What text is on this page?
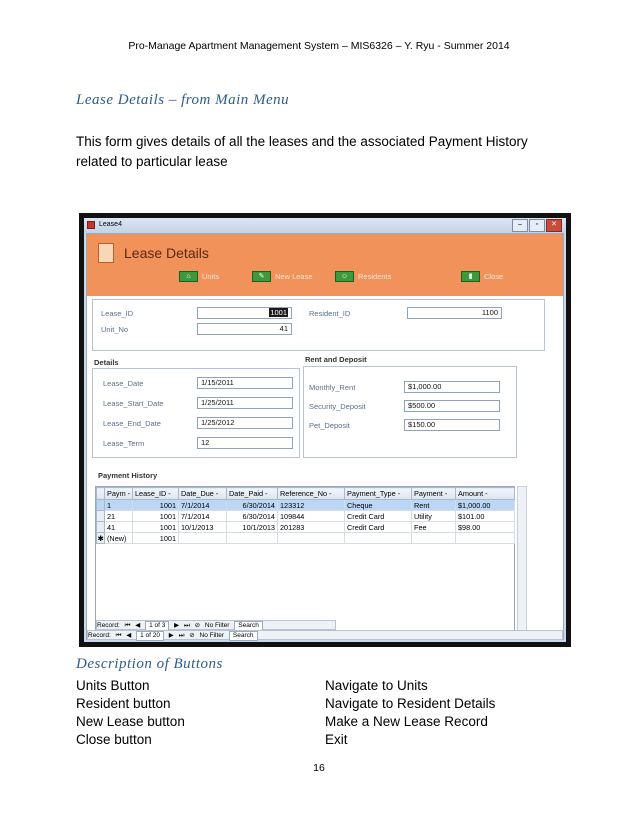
Pro-Manage Apartment Management System – MIS6326 – Y. Ryu - Summer 2014
Lease Details – from Main Menu
This form gives details of all the leases and the associated Payment History
related to particular lease
Lease4	– ▫ ✕
Lease Details
⌂	Units	✎	New Lease	☺	Residents	▮	Close
Lease_ID	1001
Unit_No	41
Resident_ID	1100
Details
Lease_Date	1/15/2011
Lease_Start_Date	1/25/2011
Lease_End_Date	1/25/2012
Lease_Term	12
Rent and Deposit
Monthly_Rent	$1,000.00
Security_Deposit	$500.00
Pet_Deposit	$150.00
Payment History
	Paym -	Lease_ID -	Date_Due -	Date_Paid -	Reference_No -	Payment_Type -	Payment -	Amount -
	1	1001	7/1/2014	6/30/2014	123312	Cheque	Rent	$1,000.00
	21	1001	7/1/2014	6/30/2014	109844	Credit Card	Utility	$101.00
	41	1001	10/1/2013	10/1/2013	201283	Credit Card	Fee	$98.00
✱	(New)	1001						
Record: ⏮ ◀ 1 of 3 ▶ ⏭ ⊘ No Filter Search
Record: ⏮ ◀ 1 of 20 ▶ ⏭ ⊘ No Filter Search
Description of Buttons
Units Button	Navigate to Units
Resident button	Navigate to Resident Details
New Lease button	Make a New Lease Record
Close button	Exit
16
